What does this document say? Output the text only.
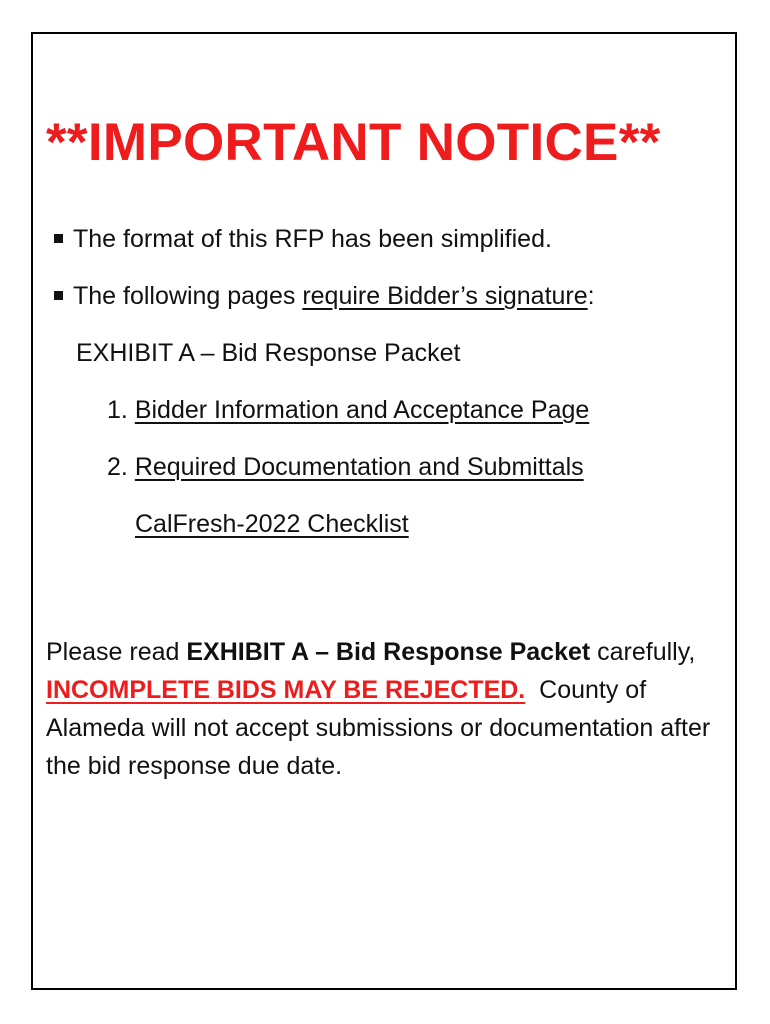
**IMPORTANT NOTICE**
The format of this RFP has been simplified.
The following pages require Bidder’s signature:
EXHIBIT A – Bid Response Packet
1. Bidder Information and Acceptance Page
2. Required Documentation and Submittals
CalFresh-2022 Checklist

Please read EXHIBIT A – Bid Response Packet carefully, INCOMPLETE BIDS MAY BE REJECTED.  County of Alameda will not accept submissions or documentation after the bid response due date.
